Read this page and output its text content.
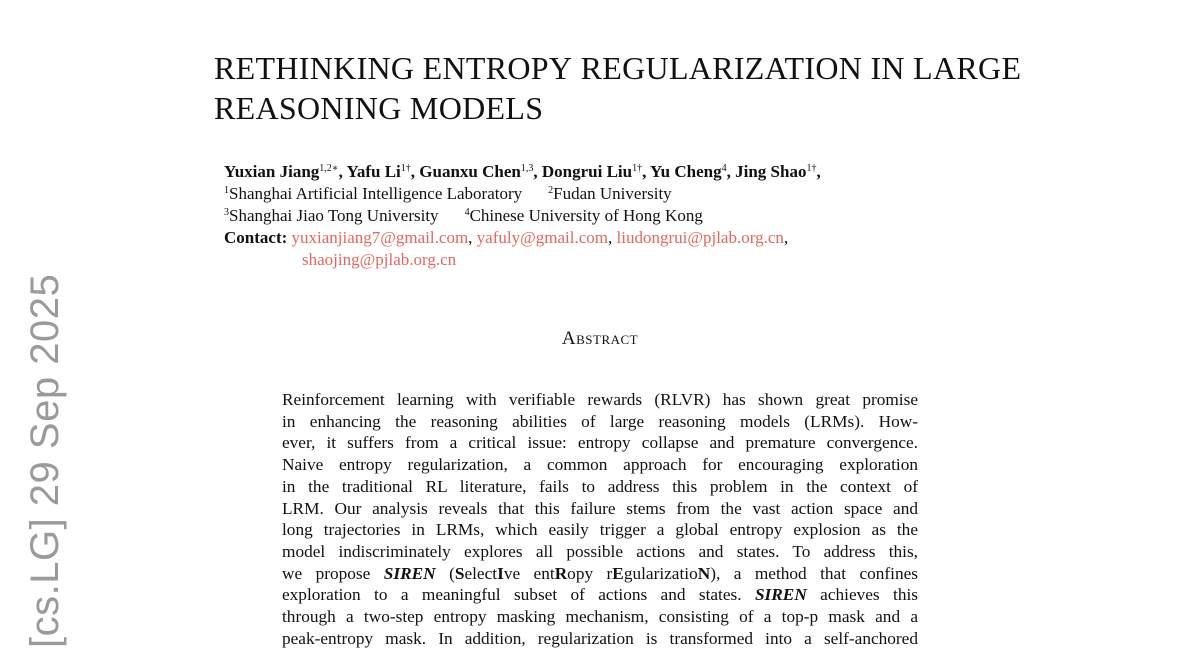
[cs.LG] 29 Sep 2025
RETHINKING ENTROPY REGULARIZATION IN LARGE
REASONING MODELS
Yuxian Jiang$^{1,2∗}$, Yafu $Li^{1\dagger}$, Guanxu Chen$^{1,3}$, Dongrui Liu$^{1\dagger}$, Yu Cheng$^4$, Jing Shao$^{1\dagger}$,
$^1$Shanghai Artificial Intelligence Laboratory	$^2$Fudan University
$^3$Shanghai Jiao Tong University	$^4$Chinese University of Hong Kong
Contact: yuxianjiang7@gmail.com, yafuly@gmail.com, liudongrui@pjlab.org.cn,
shaojing@pjlab.org.cn
Abstract
Reinforcement learning with verifiable rewards (RLVR) has shown great promise
in enhancing the reasoning abilities of large reasoning models (LRMs). How-
ever, it suffers from a critical issue: entropy collapse and premature convergence.
Naive entropy regularization, a common approach for encouraging exploration
in the traditional RL literature, fails to address this problem in the context of
LRM. Our analysis reveals that this failure stems from the vast action space and
long trajectories in LRMs, which easily trigger a global entropy explosion as the
model indiscriminately explores all possible actions and states. To address this,
we propose SIREN (SelectIve entRopy rEgularizatioN), a method that confines
exploration to a meaningful subset of actions and states. SIREN achieves this
through a two-step entropy masking mechanism, consisting of a top-p mask and a
peak-entropy mask. In addition, regularization is transformed into a self-anchored
